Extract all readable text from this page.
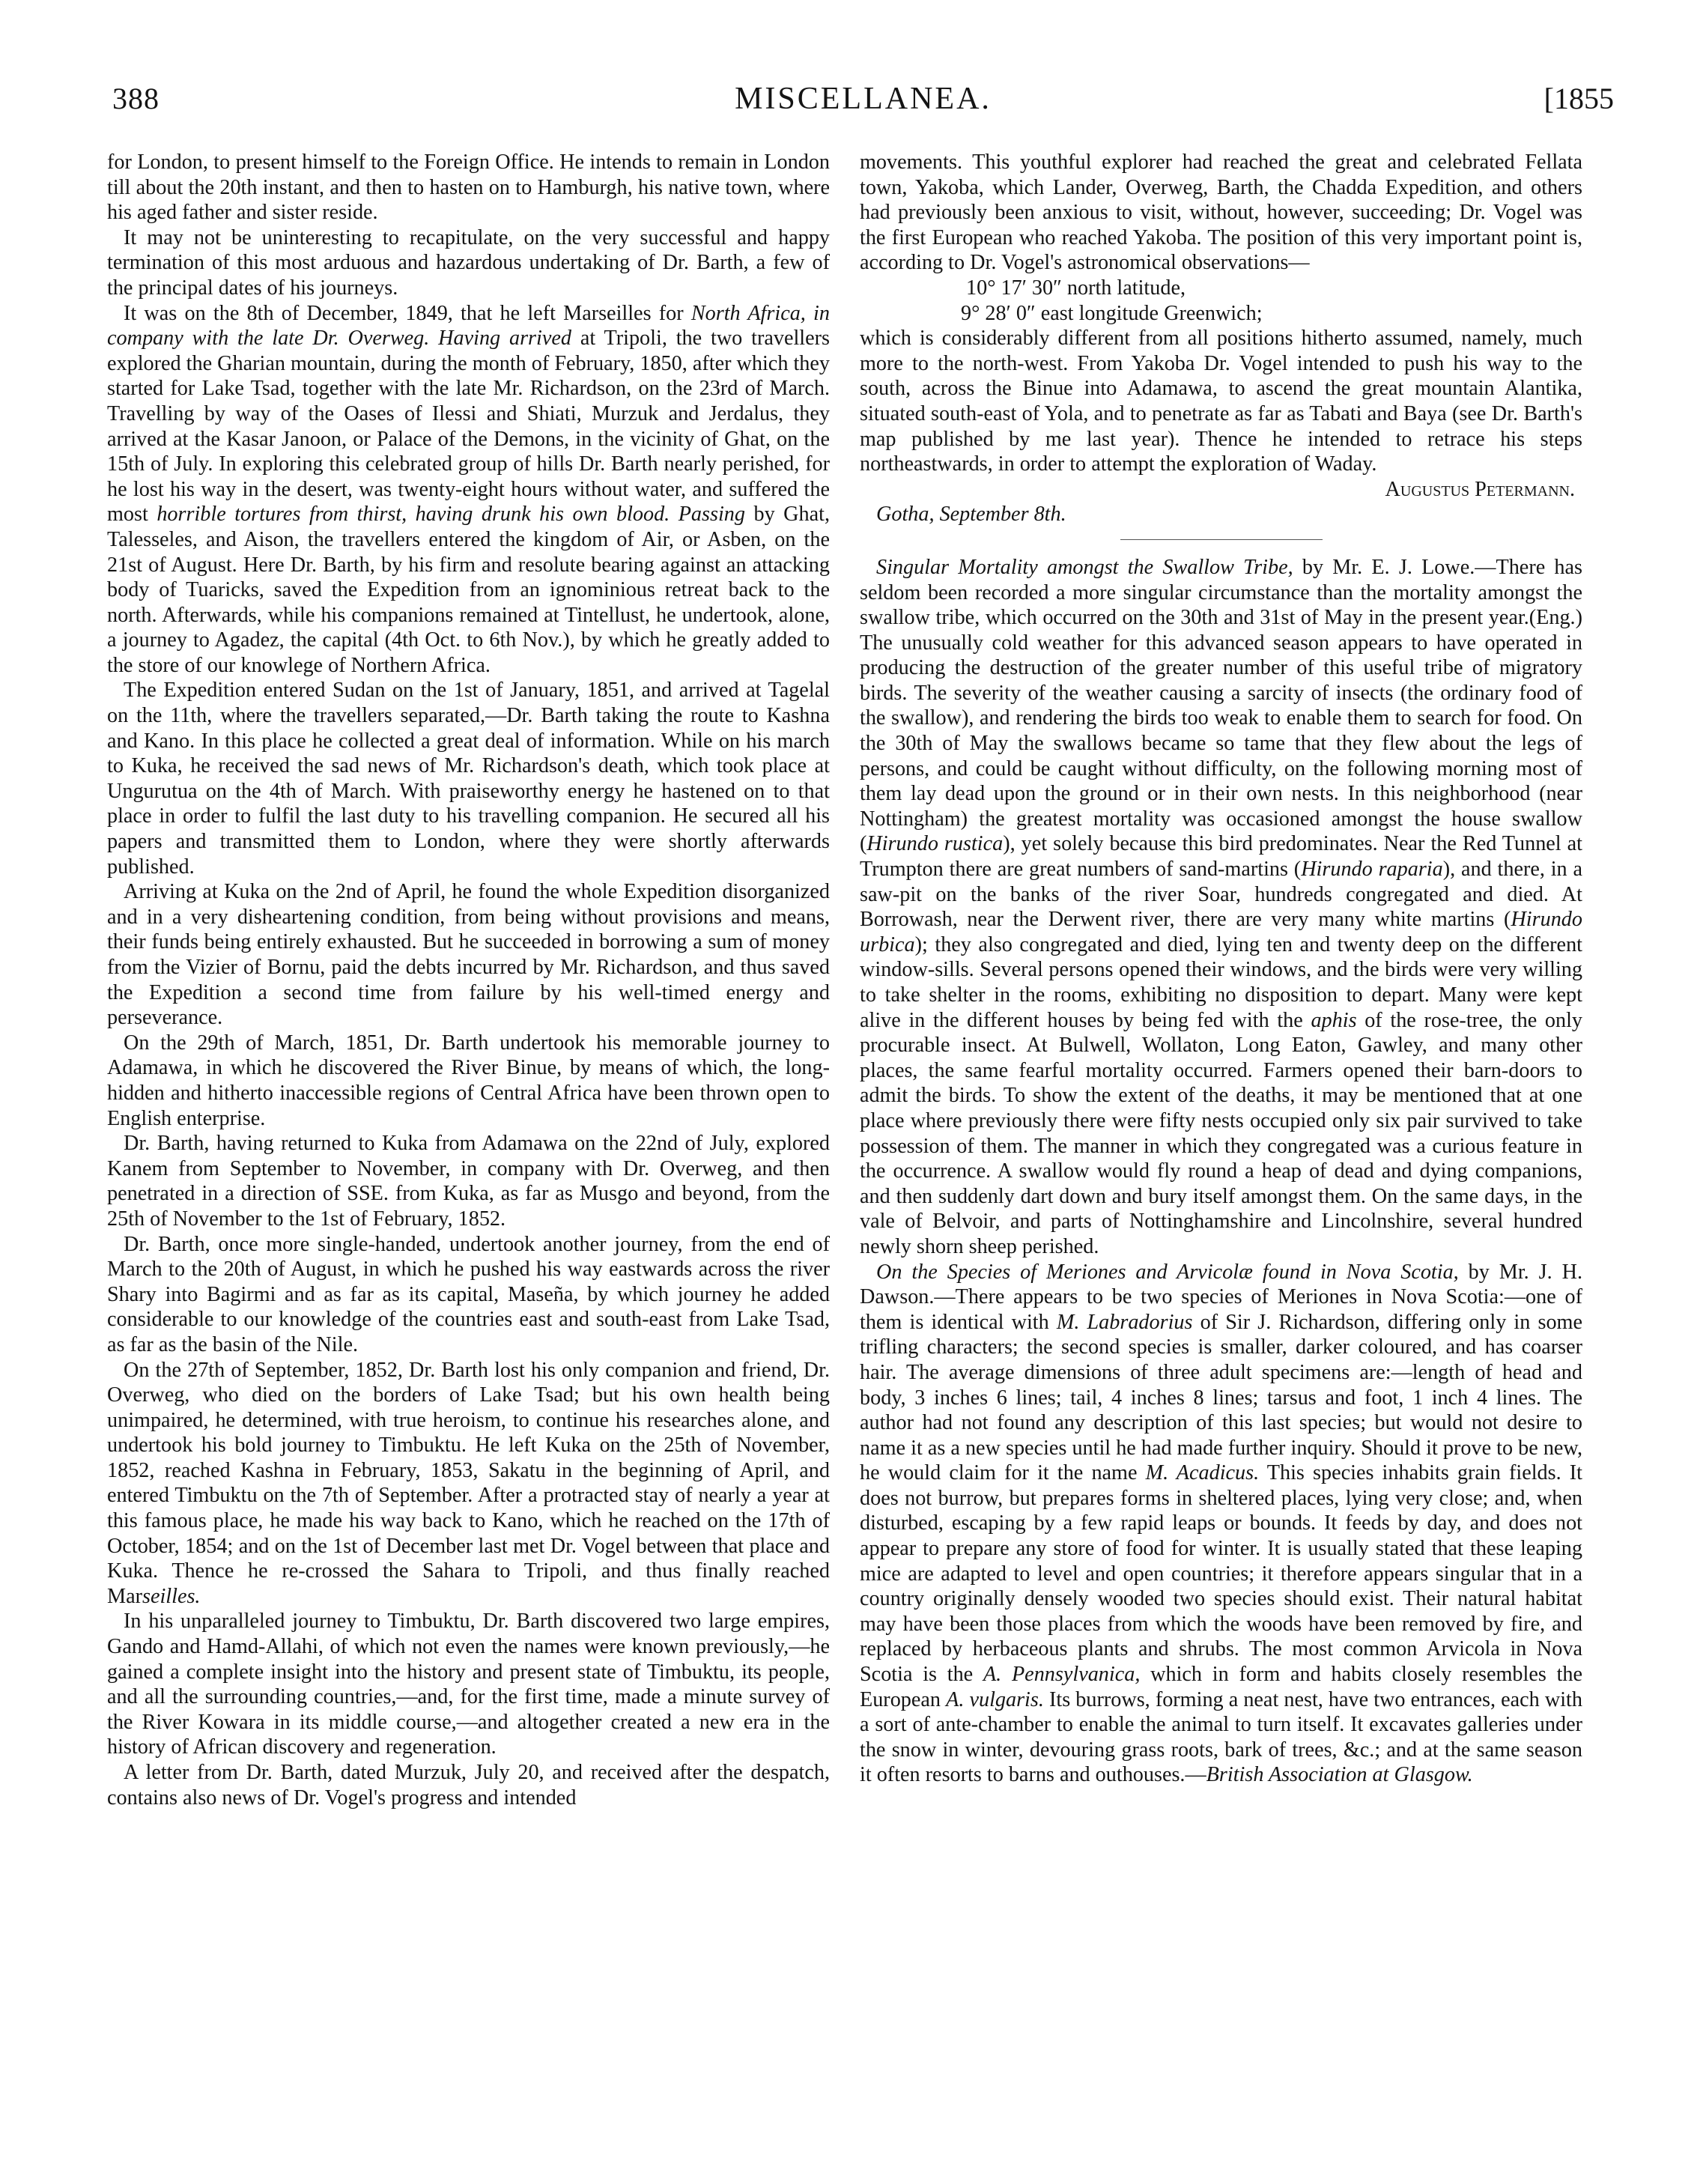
388	MISCELLANEA.	[1855

for London, to present himself to the Foreign Office. He intends to remain in London till about the 20th instant, and then to hasten on to Hamburgh, his native town, where his aged father and sister reside.

It may not be uninteresting to recapitulate, on the very successful and happy termination of this most arduous and hazardous undertaking of Dr. Barth, a few of the principal dates of his journeys.

It was on the 8th of December, 1849, that he left Marseilles for North Africa, in company with the late Dr. Overweg. Having arrived at Tripoli, the two travellers explored the Gharian mountain, during the month of February, 1850, after which they started for Lake Tsad, together with the late Mr. Richardson, on the 23rd of March. Travelling by way of the Oases of Ilessi and Shiati, Murzuk and Jerdalus, they arrived at the Kasar Janoon, or Palace of the Demons, in the vicinity of Ghat, on the 15th of July. In exploring this celebrated group of hills Dr. Barth nearly perished, for he lost his way in the desert, was twenty-eight hours without water, and suffered the most horrible tortures from thirst, having drunk his own blood. Passing by Ghat, Talesseles, and Aison, the travellers entered the kingdom of Air, or Asben, on the 21st of August. Here Dr. Barth, by his firm and resolute bearing against an attacking body of Tuaricks, saved the Expedition from an ignominious retreat back to the north. Afterwards, while his companions remained at Tintellust, he undertook, alone, a journey to Agadez, the capital (4th Oct. to 6th Nov.), by which he greatly added to the store of our knowlege of Northern Africa.

The Expedition entered Sudan on the 1st of January, 1851, and arrived at Tagelal on the 11th, where the travellers separated,—Dr. Barth taking the route to Kashna and Kano. In this place he collected a great deal of information. While on his march to Kuka, he received the sad news of Mr. Richardson's death, which took place at Ungurutua on the 4th of March. With praiseworthy energy he hastened on to that place in order to fulfil the last duty to his travelling companion. He secured all his papers and transmitted them to London, where they were shortly afterwards published.

Arriving at Kuka on the 2nd of April, he found the whole Expedition disorganized and in a very disheartening condition, from being without provisions and means, their funds being entirely exhausted. But he succeeded in borrowing a sum of money from the Vizier of Bornu, paid the debts incurred by Mr. Richardson, and thus saved the Expedition a second time from failure by his well-timed energy and perseverance.

On the 29th of March, 1851, Dr. Barth undertook his memorable journey to Adamawa, in which he discovered the River Binue, by means of which, the long-hidden and hitherto inaccessible regions of Central Africa have been thrown open to English enterprise.

Dr. Barth, having returned to Kuka from Adamawa on the 22nd of July, explored Kanem from September to November, in company with Dr. Overweg, and then penetrated in a direction of SSE. from Kuka, as far as Musgo and beyond, from the 25th of November to the 1st of February, 1852.

Dr. Barth, once more single-handed, undertook another journey, from the end of March to the 20th of August, in which he pushed his way eastwards across the river Shary into Bagirmi and as far as its capital, Maseña, by which journey he added considerable to our knowledge of the countries east and south-east from Lake Tsad, as far as the basin of the Nile.

On the 27th of September, 1852, Dr. Barth lost his only companion and friend, Dr. Overweg, who died on the borders of Lake Tsad; but his own health being unimpaired, he determined, with true heroism, to continue his researches alone, and undertook his bold journey to Timbuktu. He left Kuka on the 25th of November, 1852, reached Kashna in February, 1853, Sakatu in the beginning of April, and entered Timbuktu on the 7th of September. After a protracted stay of nearly a year at this famous place, he made his way back to Kano, which he reached on the 17th of October, 1854; and on the 1st of December last met Dr. Vogel between that place and Kuka. Thence he re-crossed the Sahara to Tripoli, and thus finally reached Marseilles.

In his unparalleled journey to Timbuktu, Dr. Barth discovered two large empires, Gando and Hamd-Allahi, of which not even the names were known previously,—he gained a complete insight into the history and present state of Timbuktu, its people, and all the surrounding countries,—and, for the first time, made a minute survey of the River Kowara in its middle course,—and altogether created a new era in the history of African discovery and regeneration.

A letter from Dr. Barth, dated Murzuk, July 20, and received after the despatch, contains also news of Dr. Vogel's progress and intended

movements. This youthful explorer had reached the great and celebrated Fellata town, Yakoba, which Lander, Overweg, Barth, the Chadda Expedition, and others had previously been anxious to visit, without, however, succeeding; Dr. Vogel was the first European who reached Yakoba. The position of this very important point is, according to Dr. Vogel's astronomical observations—

10° 17′ 30″ north latitude,

9° 28′ 0″ east longitude Greenwich;

which is considerably different from all positions hitherto assumed, namely, much more to the north-west. From Yakoba Dr. Vogel intended to push his way to the south, across the Binue into Adamawa, to ascend the great mountain Alantika, situated south-east of Yola, and to penetrate as far as Tabati and Baya (see Dr. Barth's map published by me last year). Thence he intended to retrace his steps northeastwards, in order to attempt the exploration of Waday.

Augustus Petermann.

Gotha, September 8th.

Singular Mortality amongst the Swallow Tribe, by Mr. E. J. Lowe.—There has seldom been recorded a more singular circumstance than the mortality amongst the swallow tribe, which occurred on the 30th and 31st of May in the present year.(Eng.) The unusually cold weather for this advanced season appears to have operated in producing the destruction of the greater number of this useful tribe of migratory birds. The severity of the weather causing a sarcity of insects (the ordinary food of the swallow), and rendering the birds too weak to enable them to search for food. On the 30th of May the swallows became so tame that they flew about the legs of persons, and could be caught without difficulty, on the following morning most of them lay dead upon the ground or in their own nests. In this neighborhood (near Nottingham) the greatest mortality was occasioned amongst the house swallow (Hirundo rustica), yet solely because this bird predominates. Near the Red Tunnel at Trumpton there are great numbers of sand-martins (Hirundo raparia), and there, in a saw-pit on the banks of the river Soar, hundreds congregated and died. At Borrowash, near the Derwent river, there are very many white martins (Hirundo urbica); they also congregated and died, lying ten and twenty deep on the different window-sills. Several persons opened their windows, and the birds were very willing to take shelter in the rooms, exhibiting no disposition to depart. Many were kept alive in the different houses by being fed with the aphis of the rose-tree, the only procurable insect. At Bulwell, Wollaton, Long Eaton, Gawley, and many other places, the same fearful mortality occurred. Farmers opened their barn-doors to admit the birds. To show the extent of the deaths, it may be mentioned that at one place where previously there were fifty nests occupied only six pair survived to take possession of them. The manner in which they congregated was a curious feature in the occurrence. A swallow would fly round a heap of dead and dying companions, and then suddenly dart down and bury itself amongst them. On the same days, in the vale of Belvoir, and parts of Nottinghamshire and Lincolnshire, several hundred newly shorn sheep perished.

On the Species of Meriones and Arvicolæ found in Nova Scotia, by Mr. J. H. Dawson.—There appears to be two species of Meriones in Nova Scotia:—one of them is identical with M. Labradorius of Sir J. Richardson, differing only in some trifling characters; the second species is smaller, darker coloured, and has coarser hair. The average dimensions of three adult specimens are:—length of head and body, 3 inches 6 lines; tail, 4 inches 8 lines; tarsus and foot, 1 inch 4 lines. The author had not found any description of this last species; but would not desire to name it as a new species until he had made further inquiry. Should it prove to be new, he would claim for it the name M. Acadicus. This species inhabits grain fields. It does not burrow, but prepares forms in sheltered places, lying very close; and, when disturbed, escaping by a few rapid leaps or bounds. It feeds by day, and does not appear to prepare any store of food for winter. It is usually stated that these leaping mice are adapted to level and open countries; it therefore appears singular that in a country originally densely wooded two species should exist. Their natural habitat may have been those places from which the woods have been removed by fire, and replaced by herbaceous plants and shrubs. The most common Arvicola in Nova Scotia is the A. Pennsylvanica, which in form and habits closely resembles the European A. vulgaris. Its burrows, forming a neat nest, have two entrances, each with a sort of ante-chamber to enable the animal to turn itself. It excavates galleries under the snow in winter, devouring grass roots, bark of trees, &c.; and at the same season it often resorts to barns and outhouses.—British Association at Glasgow.
